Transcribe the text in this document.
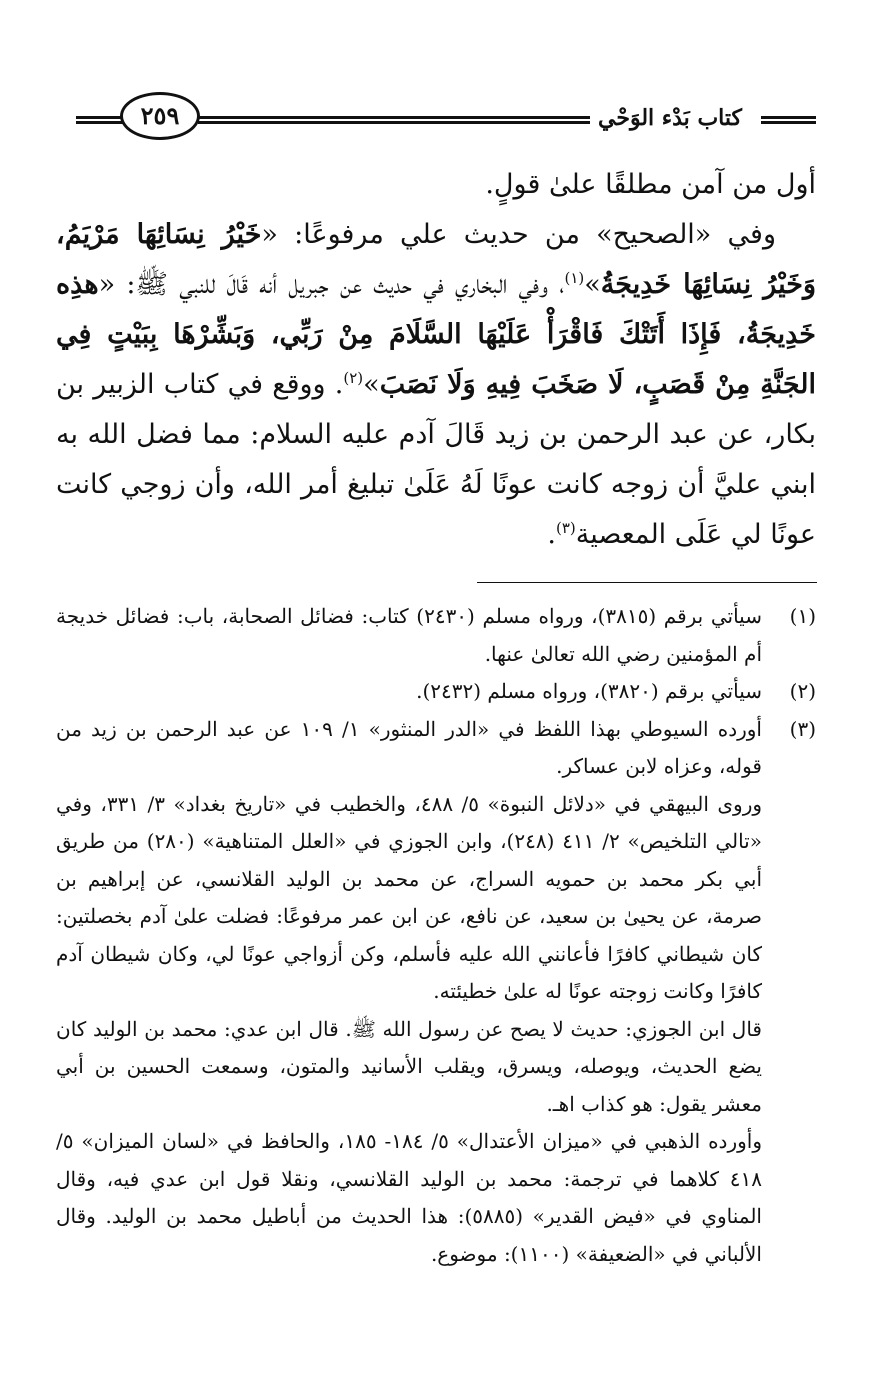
كتاب بَدْء الوَحْي
٢٥٩

أول من آمن مطلقًا علىٰ قولٍ.

وفي «الصحيح» من حديث علي مرفوعًا: «خَيْرُ نِسَائِهَا مَرْيَمُ، وَخَيْرُ نِسَائِهَا خَدِيجَةُ»$^{(١)}$، وفي البخاري في حديث عن جبريل أنه قَالَ للنبي ﷺ: «هذِه خَدِيجَةُ، فَإِذَا أَتَتْكَ فَاقْرَأْ عَلَيْهَا السَّلَامَ مِنْ رَبِّي، وَبَشِّرْهَا بِبَيْتٍ فِي الجَنَّةِ مِنْ قَصَبٍ، لَا صَخَبَ فِيهِ وَلَا نَصَبَ»$^{(٢)}$. ووقع في كتاب الزبير بن بكار، عن عبد الرحمن بن زيد قَالَ آدم عليه السلام: مما فضل الله به ابني عليَّ أن زوجه كانت عونًا لَهُ عَلَىٰ تبليغ أمر الله، وأن زوجي كانت عونًا لي عَلَى المعصية$^{(٣)}$.

(١)

سيأتي برقم (٣٨١٥)، ورواه مسلم (٢٤٣٠) كتاب: فضائل الصحابة، باب: فضائل خديجة أم المؤمنين رضي الله تعالىٰ عنها.

(٢)

سيأتي برقم (٣٨٢٠)، ورواه مسلم (٢٤٣٢).

(٣)

أورده السيوطي بهذا اللفظ في «الدر المنثور» ١/ ١٠٩ عن عبد الرحمن بن زيد من قوله، وعزاه لابن عساكر.

وروى البيهقي في «دلائل النبوة» ٥/ ٤٨٨، والخطيب في «تاريخ بغداد» ٣/ ٣٣١، وفي «تالي التلخيص» ٢/ ٤١١ (٢٤٨)، وابن الجوزي في «العلل المتناهية» (٢٨٠) من طريق أبي بكر محمد بن حمويه السراج، عن محمد بن الوليد القلانسي، عن إبراهيم بن صرمة، عن يحيىٰ بن سعيد، عن نافع، عن ابن عمر مرفوعًا: فضلت علىٰ آدم بخصلتين: كان شيطاني كافرًا فأعانني الله عليه فأسلم، وكن أزواجي عونًا لي، وكان شيطان آدم كافرًا وكانت زوجته عونًا له علىٰ خطيئته.

قال ابن الجوزي: حديث لا يصح عن رسول الله ﷺ. قال ابن عدي: محمد بن الوليد كان يضع الحديث، ويوصله، ويسرق، ويقلب الأسانيد والمتون، وسمعت الحسين بن أبي معشر يقول: هو كذاب اهـ.

وأورده الذهبي في «ميزان الأعتدال» ٥/ ١٨٤- ١٨٥، والحافظ في «لسان الميزان» ٥/ ٤١٨ كلاهما في ترجمة: محمد بن الوليد القلانسي، ونقلا قول ابن عدي فيه، وقال المناوي في «فيض القدير» (٥٨٨٥): هذا الحديث من أباطيل محمد بن الوليد. وقال الألباني في «الضعيفة» (١١٠٠): موضوع.
